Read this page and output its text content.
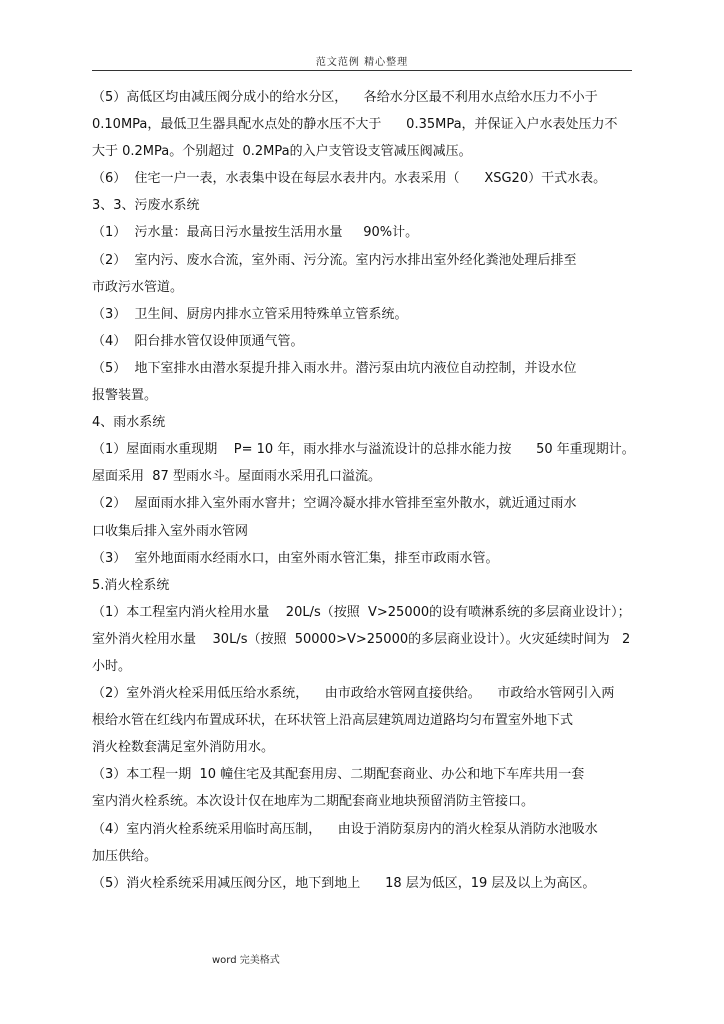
范文范例 精心整理
（5）高低区均由减压阀分成小的给水分区，    各给水分区最不利用水点给水压力不小于
0.10MPa，最低卫生器具配水点处的静水压不大于      0.35MPa，并保证入户水表处压力不
大于 0.2MPa。个别超过  0.2MPa的入户支管设支管减压阀减压。
（6）  住宅一户一表，水表集中设在每层水表井内。水表采用（      XSG20）干式水表。
3、3、污废水系统
（1）  污水量：最高日污水量按生活用水量     90%计。
（2）  室内污、废水合流，室外雨、污分流。室内污水排出室外经化粪池处理后排至
市政污水管道。
（3）  卫生间、厨房内排水立管采用特殊单立管系统。
（4）  阳台排水管仅设伸顶通气管。
（5）  地下室排水由潜水泵提升排入雨水井。潜污泵由坑内液位自动控制，并设水位
报警装置。
4、雨水系统
（1）屋面雨水重现期    P= 10 年，雨水排水与溢流设计的总排水能力按      50 年重现期计。
屋面采用  87 型雨水斗。屋面雨水采用孔口溢流。
（2）  屋面雨水排入室外雨水窨井；空调冷凝水排水管排至室外散水，就近通过雨水
口收集后排入室外雨水管网
（3）  室外地面雨水经雨水口，由室外雨水管汇集，排至市政雨水管。
5.消火栓系统
（1）本工程室内消火栓用水量    20L/s（按照  V>25000的设有喷淋系统的多层商业设计）；
室外消火栓用水量    30L/s（按照  50000>V>25000的多层商业设计）。火灾延续时间为   2
小时。
（2）室外消火栓采用低压给水系统，    由市政给水管网直接供给。    市政给水管网引入两
根给水管在红线内布置成环状，在环状管上沿高层建筑周边道路均匀布置室外地下式
消火栓数套满足室外消防用水。
（3）本工程一期  10 幢住宅及其配套用房、二期配套商业、办公和地下车库共用一套
室内消火栓系统。本次设计仅在地库为二期配套商业地块预留消防主管接口。
（4）室内消火栓系统采用临时高压制，    由设于消防泵房内的消火栓泵从消防水池吸水
加压供给。
（5）消火栓系统采用减压阀分区，地下到地上      18 层为低区，19 层及以上为高区。
word 完美格式
